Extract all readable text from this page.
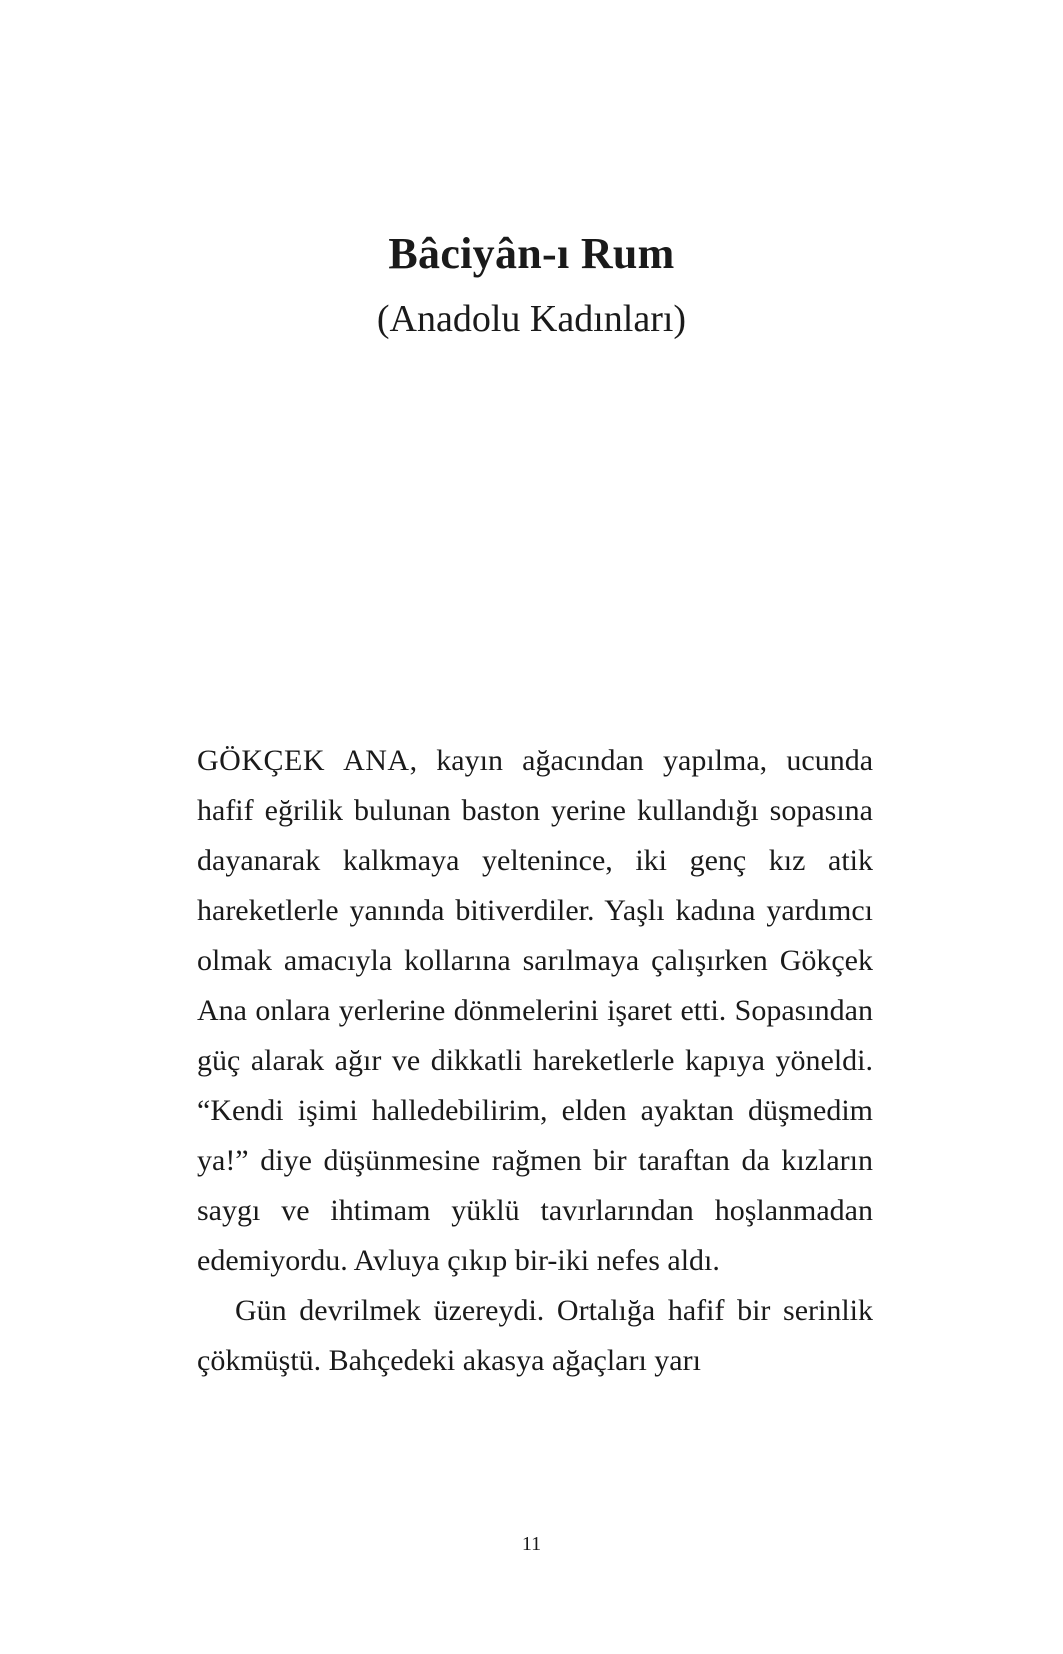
Bâciyân-ı Rum
(Anadolu Kadınları)

GÖKÇEK ANA, kayın ağacından yapılma, ucunda hafif eğrilik bulunan baston yerine kullandığı sopasına dayanarak kalkmaya yeltenince, iki genç kız atik hareketlerle yanında bitiverdiler. Yaşlı kadına yardımcı olmak amacıyla kollarına sarılmaya çalışırken Gökçek Ana onlara yerlerine dönmelerini işaret etti. Sopasından güç alarak ağır ve dikkatli hareketlerle kapıya yöneldi. “Kendi işimi halledebilirim, elden ayaktan düşmedim ya!” diye düşünmesine rağmen bir taraftan da kızların saygı ve ihtimam yüklü tavırlarından hoşlanmadan edemiyordu. Avluya çıkıp bir-iki nefes aldı.

Gün devrilmek üzereydi. Ortalığa hafif bir serinlik çökmüştü. Bahçedeki akasya ağaçları yarı

11
